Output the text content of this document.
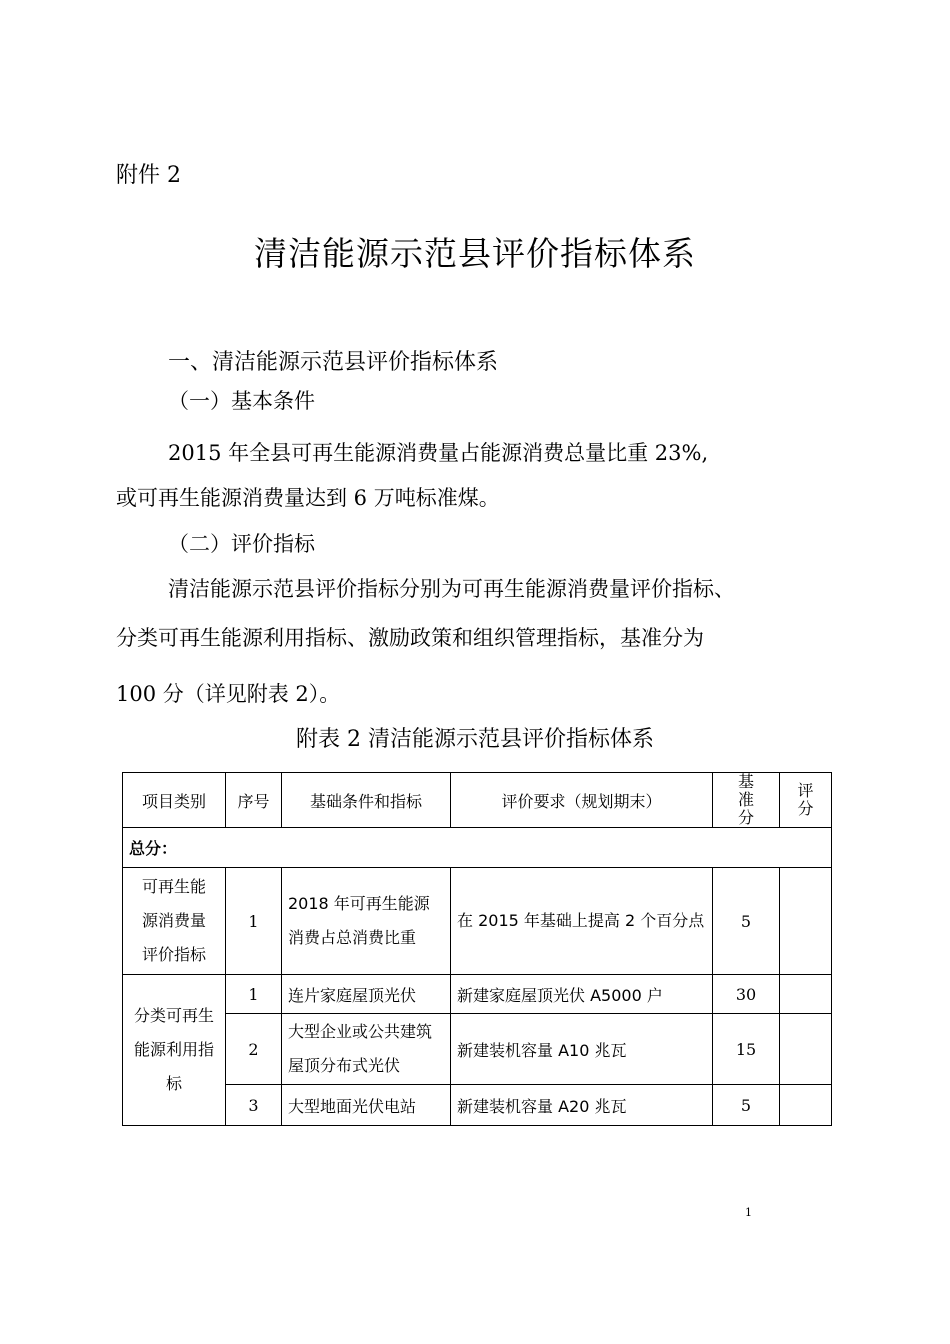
附件 2
清洁能源示范县评价指标体系
一、清洁能源示范县评价指标体系
（一）基本条件
2015 年全县可再生能源消费量占能源消费总量比重 23%,
或可再生能源消费量达到 6 万吨标准煤。
（二）评价指标
清洁能源示范县评价指标分别为可再生能源消费量评价指标、
分类可再生能源利用指标、激励政策和组织管理指标，基准分为
100 分（详见附表 2）。
附表 2 清洁能源示范县评价指标体系
项目类别	序号	基础条件和指标	评价要求（规划期末）	基准分	评分
总分：					
可再生能源消费量评价指标	1	2018 年可再生能源消费占总消费比重	在 2015 年基础上提高 2 个百分点	5	
分类可再生能源利用指标	1	连片家庭屋顶光伏	新建家庭屋顶光伏 A5000 户	30	
	2	大型企业或公共建筑屋顶分布式光伏	新建装机容量 A10 兆瓦	15	
	3	大型地面光伏电站	新建装机容量 A20 兆瓦	5	
1
